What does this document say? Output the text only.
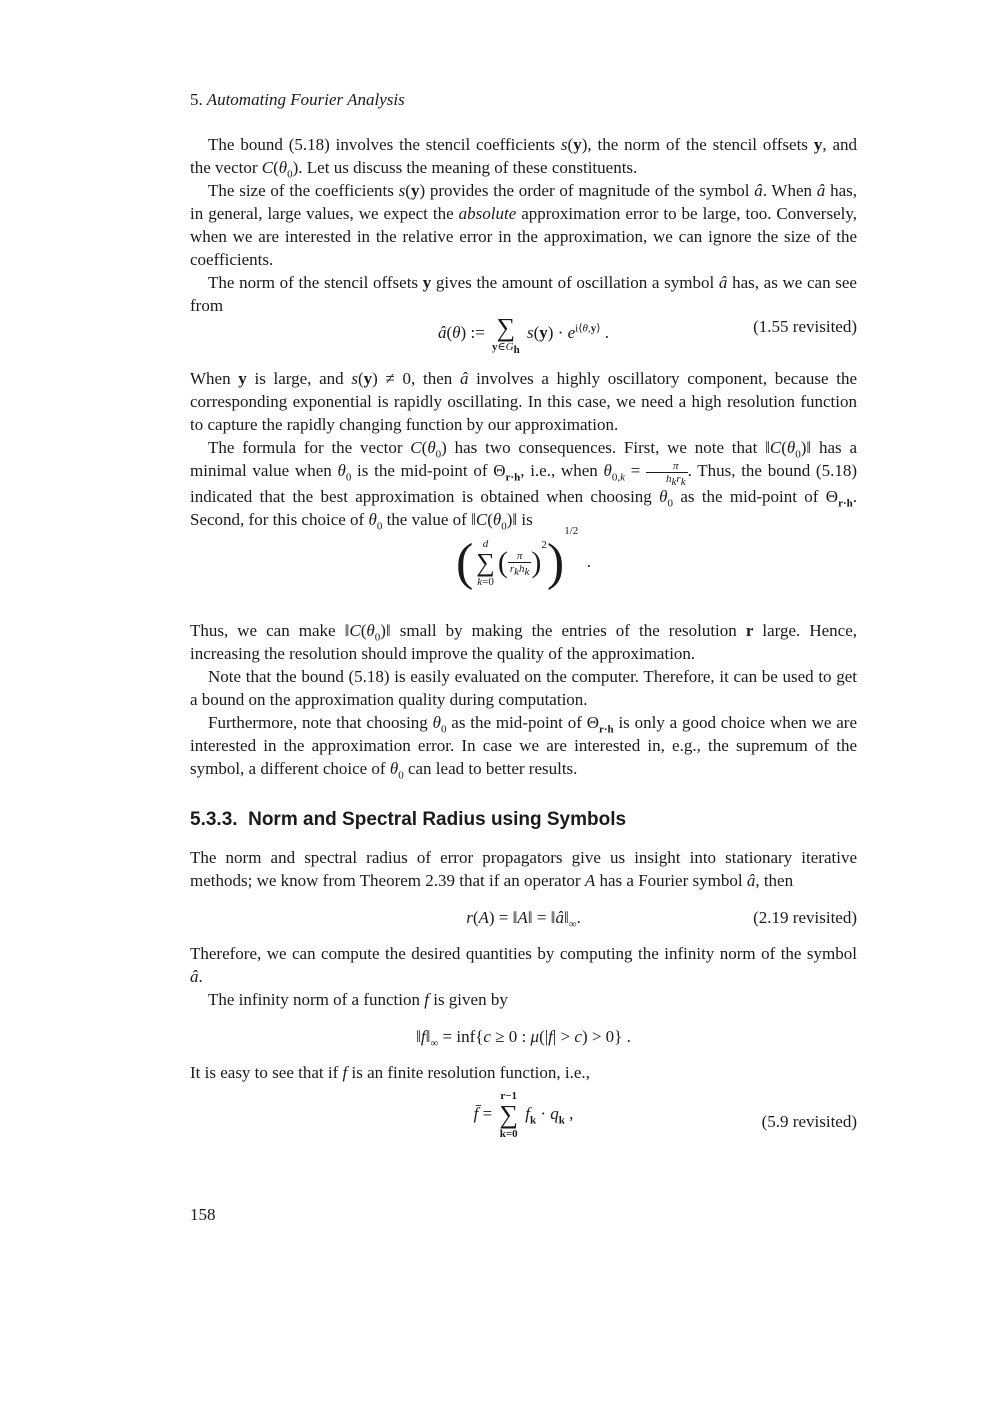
5. Automating Fourier Analysis

The bound (5.18) involves the stencil coefficients s(y), the norm of the stencil offsets y, and the vector $C(\theta_0)$. Let us discuss the meaning of these constituents.

The size of the coefficients s(y) provides the order of magnitude of the symbol â. When â has, in general, large values, we expect the absolute approximation error to be large, too. Conversely, when we are interested in the relative error in the approximation, we can ignore the size of the coefficients.

The norm of the stencil offsets y gives the amount of oscillation a symbol â has, as we can see from

â(θ) := ∑
$y\in G_h$
$s(y) \cdot e^{i⟨\theta,y⟩}$ .	(1.55 revisited)

When y is large, and s(y) ≠ 0, then â involves a highly oscillatory component, because the corresponding exponential is rapidly oscillating. In this case, we need a high resolution function to capture the rapidly changing function by our approximation.

The formula for the vector $C(\theta_0)$ has two consequences. First, we note that $‖C(\theta_0)‖$ has a minimal value when $\theta_0$ is the mid-point of $\Theta_{r\cdot h}$, i.e., when $\theta_{0,k} = \frac{\pi}{h_kr_k}$ . Thus, the bound (5.18) indicated that the best approximation is obtained when choosing $\theta_0$ as the mid-point of $\Theta_{r\cdot h}$. Second, for this choice of $\theta_0$ the value of $‖C(\theta_0)‖$ is

( d
∑
k=0
( $\frac{\pi}{r_kh_k} )^2)^{1/2}$  .

Thus, we can make $‖C(\theta_0)‖$ small by making the entries of the resolution r large. Hence, increasing the resolution should improve the quality of the approximation.

Note that the bound (5.18) is easily evaluated on the computer. Therefore, it can be used to get a bound on the approximation quality during computation.

Furthermore, note that choosing $\theta_0$ as the mid-point of $\Theta_{r\cdot h}$ is only a good choice when we are interested in the approximation error. In case we are interested in, e.g., the supremum of the symbol, a different choice of $\theta_0$ can lead to better results.

5.3.3. Norm and Spectral Radius using Symbols

The norm and spectral radius of error propagators give us insight into stationary iterative methods; we know from Theorem 2.39 that if an operator A has a Fourier symbol â, then

r(A) = ‖A‖ = $‖â‖_\infty$.	(2.19 revisited)

Therefore, we can compute the desired quantities by computing the infinity norm of the symbol â.

The infinity norm of a function f is given by

$‖f‖_\infty = inf\{c \ge 0$ : μ(|f| > c) > 0} .

It is easy to see that if f is an finite resolution function, i.e.,

f̄ =
r−1
∑
k=0
$f_k \cdot q_k$ ,	(5.9 revisited)
158
